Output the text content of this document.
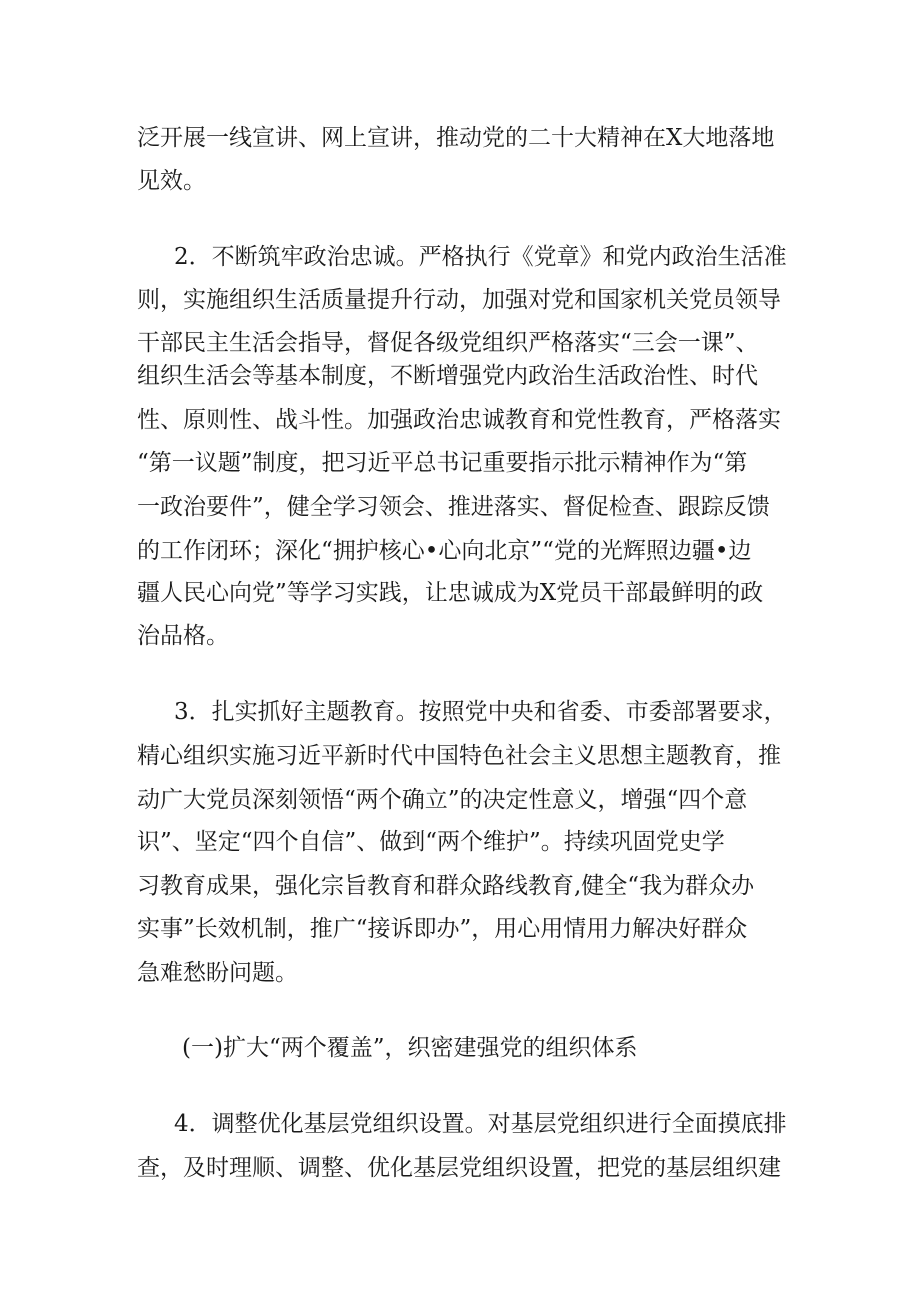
泛开展一线宣讲、网上宣讲，推动党的二十大精神在X大地落地

见效。

2．不断筑牢政治忠诚。严格执行《党章》和党内政治生活准

则，实施组织生活质量提升行动，加强对党和国家机关党员领导

干部民主生活会指导，督促各级党组织严格落实“三会一课”、

组织生活会等基本制度，不断增强党内政治生活政治性、时代

性、原则性、战斗性。加强政治忠诚教育和党性教育，严格落实

“第一议题”制度，把习近平总书记重要指示批示精神作为“第

一政治要件”，健全学习领会、推进落实、督促检查、跟踪反馈

的工作闭环；深化“拥护核心•心向北京”“党的光辉照边疆•边

疆人民心向党”等学习实践，让忠诚成为X党员干部最鲜明的政

治品格。

3．扎实抓好主题教育。按照党中央和省委、市委部署要求，

精心组织实施习近平新时代中国特色社会主义思想主题教育，推

动广大党员深刻领悟“两个确立”的决定性意义，增强“四个意

识”、坚定“四个自信”、做到“两个维护”。持续巩固党史学

习教育成果，强化宗旨教育和群众路线教育,健全“我为群众办

实事”长效机制，推广“接诉即办”，用心用情用力解决好群众

急难愁盼问题。

(一)扩大“两个覆盖”，织密建强党的组织体系

4．调整优化基层党组织设置。对基层党组织进行全面摸底排

查，及时理顺、调整、优化基层党组织设置，把党的基层组织建
